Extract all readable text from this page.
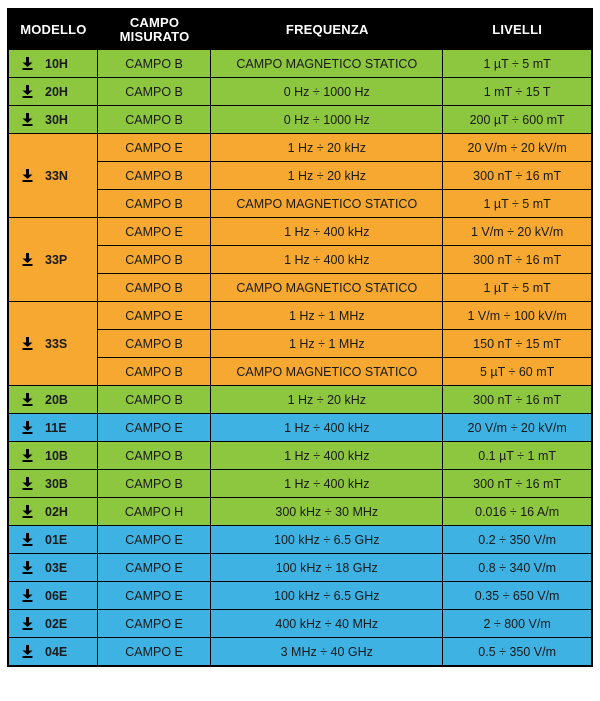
MODELLO	CAMPO MISURATO	FREQUENZA	LIVELLI
10H	CAMPO B	CAMPO MAGNETICO STATICO	1 µT ÷ 5 mT
20H	CAMPO B	0 Hz ÷ 1000 Hz	1 mT ÷ 15 T
30H	CAMPO B	0 Hz ÷ 1000 Hz	200 µT ÷ 600 mT
33N	CAMPO E	1 Hz ÷ 20 kHz	20 V/m ÷ 20 kV/m
	CAMPO B	1 Hz ÷ 20 kHz	300 nT ÷ 16 mT
	CAMPO B	CAMPO MAGNETICO STATICO	1 µT ÷ 5 mT
33P	CAMPO E	1 Hz ÷ 400 kHz	1 V/m ÷ 20 kV/m
	CAMPO B	1 Hz ÷ 400 kHz	300 nT ÷ 16 mT
	CAMPO B	CAMPO MAGNETICO STATICO	1 µT ÷ 5 mT
33S	CAMPO E	1 Hz ÷ 1 MHz	1 V/m ÷ 100 kV/m
	CAMPO B	1 Hz ÷ 1 MHz	150 nT ÷ 15 mT
	CAMPO B	CAMPO MAGNETICO STATICO	5 µT ÷ 60 mT
20B	CAMPO B	1 Hz ÷ 20 kHz	300 nT ÷ 16 mT
11E	CAMPO E	1 Hz ÷ 400 kHz	20 V/m ÷ 20 kV/m
10B	CAMPO B	1 Hz ÷ 400 kHz	0.1 µT ÷ 1 mT
30B	CAMPO B	1 Hz ÷ 400 kHz	300 nT ÷ 16 mT
02H	CAMPO H	300 kHz ÷ 30 MHz	0.016 ÷ 16 A/m
01E	CAMPO E	100 kHz ÷ 6.5 GHz	0.2 ÷ 350 V/m
03E	CAMPO E	100 kHz ÷ 18 GHz	0.8 ÷ 340 V/m
06E	CAMPO E	100 kHz ÷ 6.5 GHz	0.35 ÷ 650 V/m
02E	CAMPO E	400 kHz ÷ 40 MHz	2 ÷ 800 V/m
04E	CAMPO E	3 MHz ÷ 40 GHz	0.5 ÷ 350 V/m
